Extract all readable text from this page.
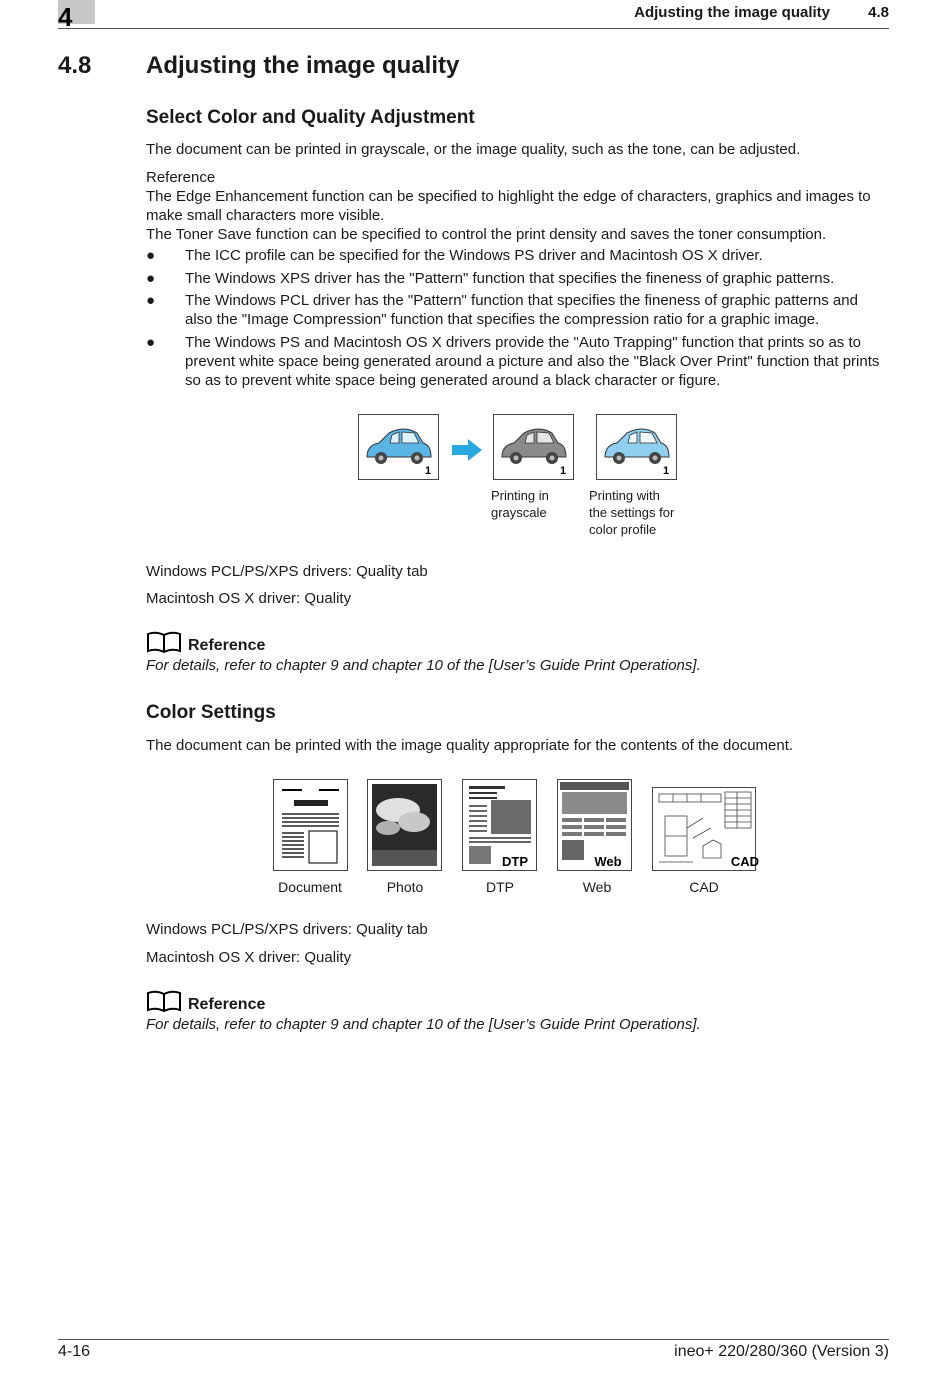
4	Adjusting the image quality	4.8
4.8 Adjusting the image quality
Select Color and Quality Adjustment

The document can be printed in grayscale, or the image quality, such as the tone, can be adjusted.

Reference

The Edge Enhancement function can be specified to highlight the edge of characters, graphics and images to make small characters more visible.

The Toner Save function can be specified to control the print density and saves the toner consumption.

● The ICC profile can be specified for the Windows PS driver and Macintosh OS X driver.
● The Windows XPS driver has the "Pattern" function that specifies the fineness of graphic patterns.
● The Windows PCL driver has the "Pattern" function that specifies the fineness of graphic patterns and also the "Image Compression" function that specifies the compression ratio for a graphic image.
● The Windows PS and Macintosh OS X drivers provide the "Auto Trapping" function that prints so as to prevent white space being generated around a picture and also the "Black Over Print" function that prints so as to prevent white space being generated around a black character or figure.
1	1	1
Printing in
grayscale
Printing with
the settings for
color profile

Windows PCL/PS/XPS drivers: Quality tab

Macintosh OS X driver: Quality

Reference
For details, refer to chapter 9 and chapter 10 of the [User’s Guide Print Operations].
Color Settings

The document can be printed with the image quality appropriate for the contents of the document.

DTP	Web	CAD
Document	Photo	DTP	Web	CAD

Windows PCL/PS/XPS drivers: Quality tab

Macintosh OS X driver: Quality

Reference
For details, refer to chapter 9 and chapter 10 of the [User’s Guide Print Operations].
4-16	ineo+ 220/280/360 (Version 3)
